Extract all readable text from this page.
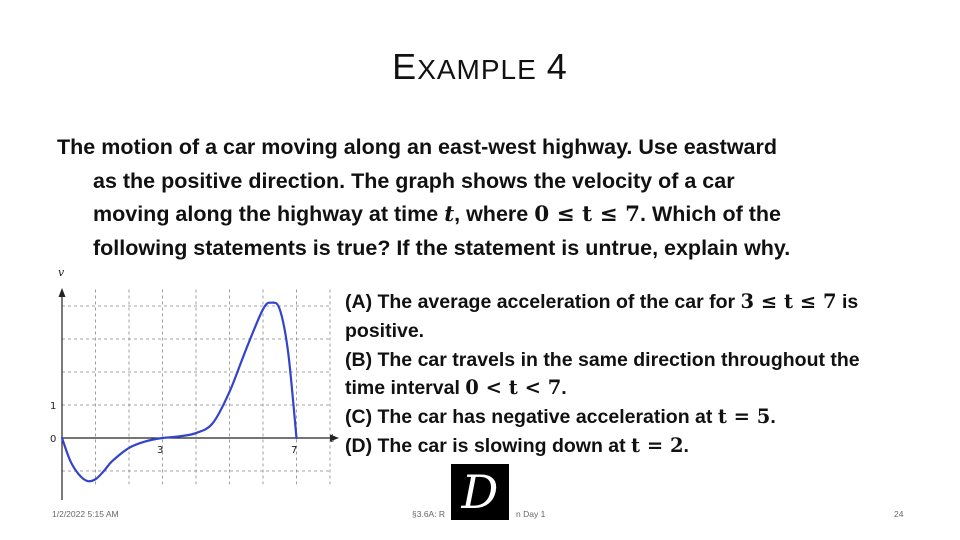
EXAMPLE 4
The motion of a car moving along an east-west highway. Use eastward
as the positive direction. The graph shows the velocity of a car
moving along the highway at time t, where 0 ≤ t ≤ 7. Which of the
following statements is true? If the statement is untrue, explain why.
v
t
0
1
3	7
(A) The average acceleration of the car for 3 ≤ t ≤ 7 is
positive.
(B) The car travels in the same direction throughout the
time interval 0 < t < 7.
(C) The car has negative acceleration at t = 5.
(D) The car is slowing down at t = 2.
1/2/2022 5:15 AM	§3.6A: R	n Day 1	24
D
